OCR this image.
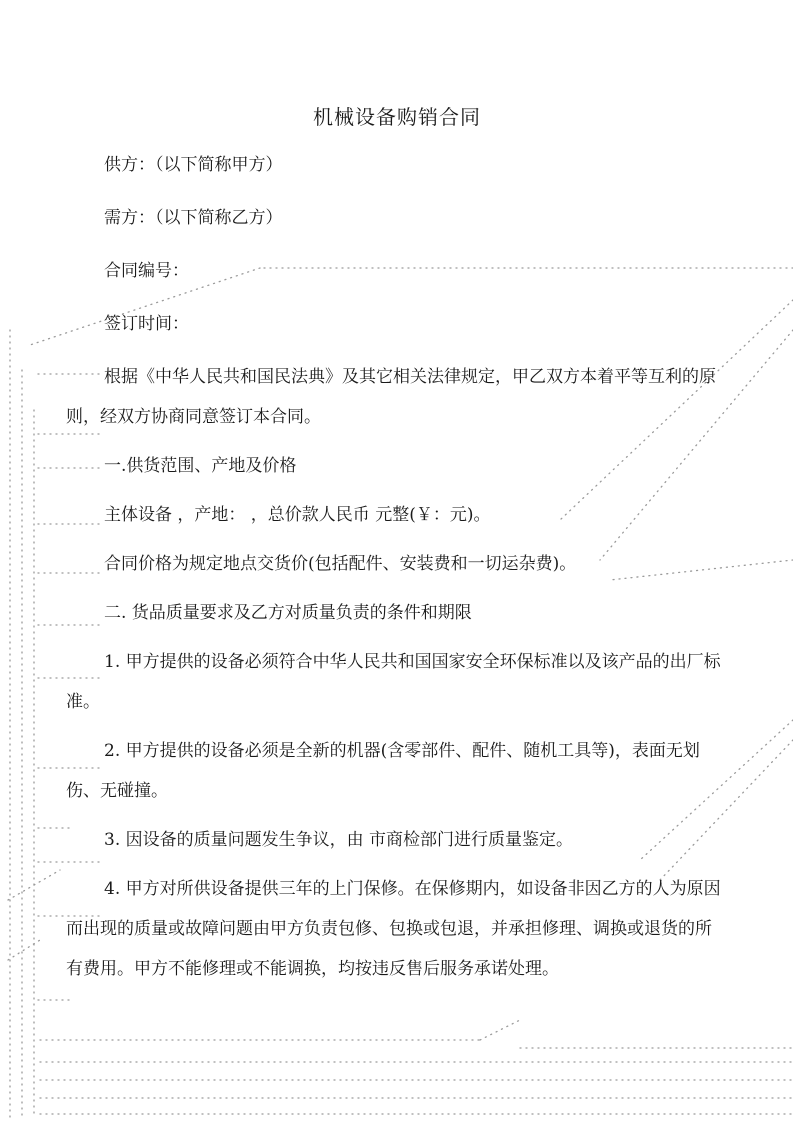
机械设备购销合同

供方：（以下简称甲方）

需方：（以下简称乙方）

合同编号：

签订时间：

根据《中华人民共和国民法典》及其它相关法律规定，甲乙双方本着平等互利的原则，经双方协商同意签订本合同。

一.供货范围、产地及价格

主体设备 ，产地： ，总价款人民币 元整(￥：元)。

合同价格为规定地点交货价(包括配件、安装费和一切运杂费)。

二. 货品质量要求及乙方对质量负责的条件和期限

1. 甲方提供的设备必须符合中华人民共和国国家安全环保标准以及该产品的出厂标准。

2. 甲方提供的设备必须是全新的机器(含零部件、配件、随机工具等)，表面无划伤、无碰撞。

3. 因设备的质量问题发生争议，由 市商检部门进行质量鉴定。

4. 甲方对所供设备提供三年的上门保修。在保修期内，如设备非因乙方的人为原因而出现的质量或故障问题由甲方负责包修、包换或包退，并承担修理、调换或退货的所有费用。甲方不能修理或不能调换，均按违反售后服务承诺处理。
